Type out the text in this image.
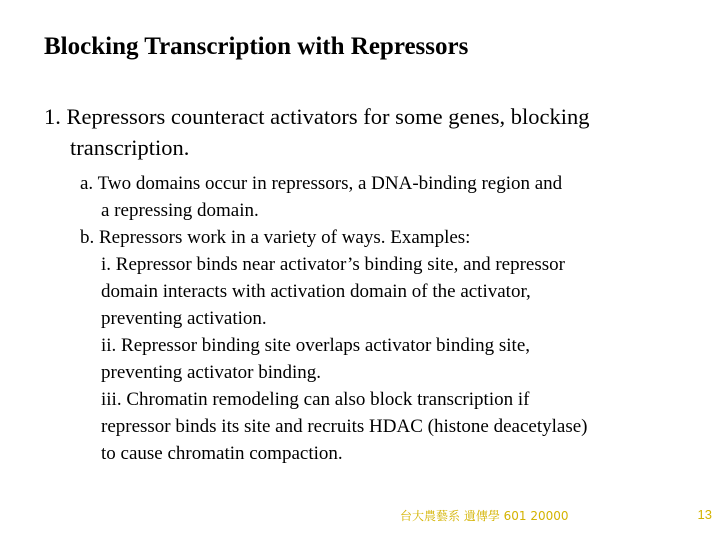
Blocking Transcription with Repressors
1. Repressors counteract activators for some genes, blocking
transcription.
a. Two domains occur in repressors, a DNA-binding region and
a repressing domain.
b. Repressors work in a variety of ways. Examples:
i. Repressor binds near activator’s binding site, and repressor
domain interacts with activation domain of the activator,
preventing activation.
ii. Repressor binding site overlaps activator binding site,
preventing activator binding.
iii. Chromatin remodeling can also block transcription if
repressor binds its site and recruits HDAC (histone deacetylase)
to cause chromatin compaction.
台大農藝系 遺傳學 601 20000	13
